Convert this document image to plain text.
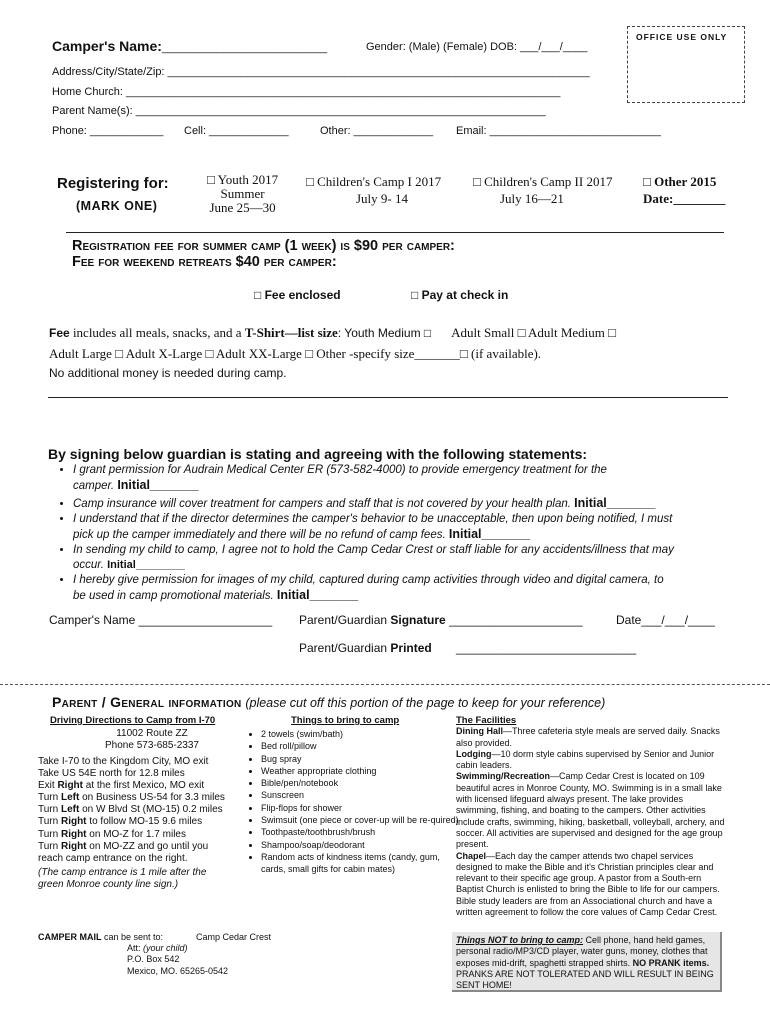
OFFICE USE ONLY
Camper's Name:___________________________	Gender: (Male) (Female) DOB: ___/___/____
Address/City/State/Zip: _____________________________________________________________________
Home Church: _______________________________________________________________________
Parent Name(s): ___________________________________________________________________
Phone: ____________ Cell: _____________	Other: _____________ Email: ____________________________
Registering for:
(MARK ONE)
□ Youth 2017
Summer
June 25—30
□ Children's Camp I 2017
July 9- 14
□ Children's Camp II 2017
July 16—21
□ Other 2015
Date:________
Registration fee for summer camp (1 week) is $90 per camper:
Fee for weekend retreats $40 per camper:
□ Fee enclosed	□ Pay at check in
Fee includes all meals, snacks, and a T-Shirt—list size: Youth Medium □ Adult Small □ Adult Medium □
Adult Large □ Adult X-Large □ Adult XX-Large □ Other -specify size_______□ (if available).
No additional money is needed during camp.
By signing below guardian is stating and agreeing with the following statements:
• I grant permission for Audrain Medical Center ER (573-582-4000) to provide emergency treatment for the
camper. Initial_______
• Camp insurance will cover treatment for campers and staff that is not covered by your health plan. Initial_______
• I understand that if the director determines the camper's behavior to be unacceptable, then upon being notified, I must
pick up the camper immediately and there will be no refund of camp fees. Initial_______
• In sending my child to camp, I agree not to hold the Camp Cedar Crest or staff liable for any accidents/illness that may
occur. Initial________
• I hereby give permission for images of my child, captured during camp activities through video and digital camera, to
be used in camp promotional materials. Initial_______
Camper's Name ____________________ Parent/Guardian Signature ____________________	Date___/___/____
Parent/Guardian Printed ___________________________
Parent / General information (please cut off this portion of the page to keep for your reference)
Driving Directions to Camp from I-70
11002 Route ZZ
Phone 573-685-2337
Take I-70 to the Kingdom City, MO exit
Take US 54E north for 12.8 miles
Exit Right at the first Mexico, MO exit
Turn Left on Business US-54 for 3.3 miles
Turn Left on W Blvd St (MO-15) 0.2 miles
Turn Right to follow MO-15 9.6 miles
Turn Right on MO-Z for 1.7 miles
Turn Right on MO-ZZ and go until you
reach camp entrance on the right.
(The camp entrance is 1 mile after the
green Monroe county line sign.)
Things to bring to camp
• 2 towels (swim/bath)
• Bed roll/pillow
• Bug spray
• Weather appropriate clothing
• Bible/pen/notebook
• Sunscreen
• Flip-flops for shower
• Swimsuit (one piece or cover-up will be re-quired)
• Toothpaste/toothbrush/brush
• Shampoo/soap/deodorant
• Random acts of kindness items (candy, gum, cards, small gifts for cabin mates)
The Facilities
Dining Hall—Three cafeteria style meals are served daily. Snacks also provided.
Lodging—10 dorm style cabins supervised by Senior and Junior cabin leaders.
Swimming/Recreation—Camp Cedar Crest is located on 109 beautiful acres in Monroe County, MO. Swimming is in a small lake with licensed lifeguard always present. The lake provides swimming, fishing, and boating to the campers. Other activities include crafts, swimming, hiking, basketball, volleyball, archery, and soccer. All activities are supervised and designed for the age group present.
Chapel—Each day the camper attends two chapel services designed to make the Bible and it's Christian principles clear and relevant to their specific age group. A pastor from a South-ern Baptist Church is enlisted to bring the Bible to life for our campers. Bible study leaders are from an Associational church and have a written agreement to follow the core values of Camp Cedar Crest.
CAMPER MAIL can be sent to:	Camp Cedar Crest
Att: (your child)
P.O. Box 542
Mexico, MO. 65265-0542
Things NOT to bring to camp: Cell phone, hand held games, personal radio/MP3/CD player, water guns, money, clothes that exposes mid-drift, spaghetti strapped shirts. NO PRANK items. PRANKS ARE NOT TOLERATED AND WILL RESULT IN BEING SENT HOME!
